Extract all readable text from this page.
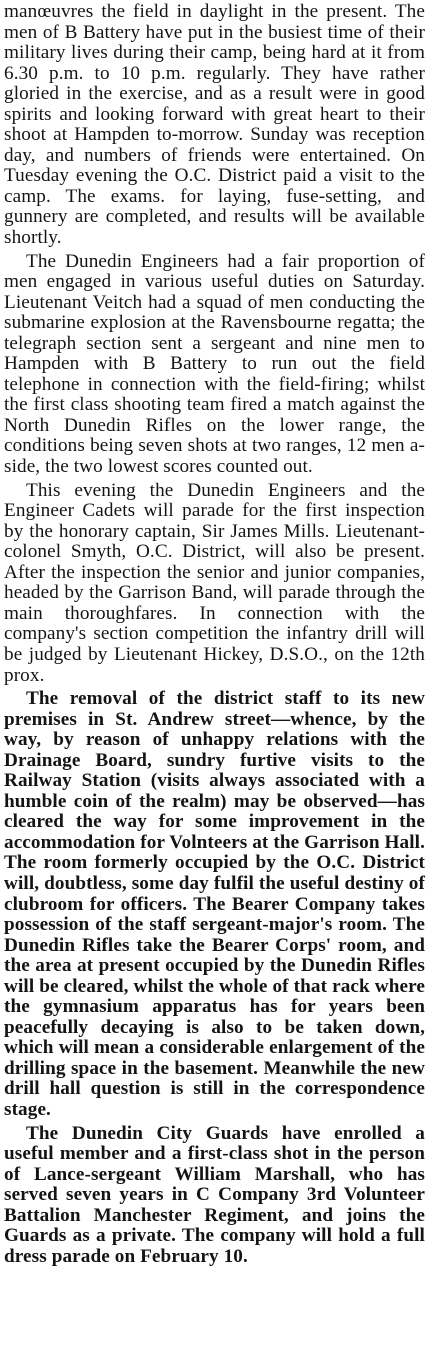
manœuvres the field in daylight in the present. The men of B Battery have put in the busiest time of their military lives during their camp, being hard at it from 6.30 p.m. to 10 p.m. regularly. They have rather gloried in the exercise, and as a result were in good spirits and looking forward with great heart to their shoot at Hampden to-morrow. Sunday was reception day, and numbers of friends were entertained. On Tuesday evening the O.C. District paid a visit to the camp. The exams. for laying, fuse-setting, and gunnery are completed, and results will be available shortly.

The Dunedin Engineers had a fair proportion of men engaged in various useful duties on Saturday. Lieutenant Veitch had a squad of men conducting the submarine explosion at the Ravensbourne regatta; the telegraph section sent a sergeant and nine men to Hampden with B Battery to run out the field telephone in connection with the field-firing; whilst the first class shooting team fired a match against the North Dunedin Rifles on the lower range, the conditions being seven shots at two ranges, 12 men a-side, the two lowest scores counted out.

This evening the Dunedin Engineers and the Engineer Cadets will parade for the first inspection by the honorary captain, Sir James Mills. Lieutenant-colonel Smyth, O.C. District, will also be present. After the inspection the senior and junior companies, headed by the Garrison Band, will parade through the main thoroughfares. In connection with the company's section competition the infantry drill will be judged by Lieutenant Hickey, D.S.O., on the 12th prox.

The removal of the district staff to its new premises in St. Andrew street—whence, by the way, by reason of unhappy relations with the Drainage Board, sundry furtive visits to the Railway Station (visits always associated with a humble coin of the realm) may be observed—has cleared the way for some improvement in the accommodation for Volnteers at the Garrison Hall. The room formerly occupied by the O.C. District will, doubtless, some day fulfil the useful destiny of clubroom for officers. The Bearer Company takes possession of the staff sergeant-major's room. The Dunedin Rifles take the Bearer Corps' room, and the area at present occupied by the Dunedin Rifles will be cleared, whilst the whole of that rack where the gymnasium apparatus has for years been peacefully decaying is also to be taken down, which will mean a considerable enlargement of the drilling space in the basement. Meanwhile the new drill hall question is still in the correspondence stage.

The Dunedin City Guards have enrolled a useful member and a first-class shot in the person of Lance-sergeant William Marshall, who has served seven years in C Company 3rd Volunteer Battalion Manchester Regiment, and joins the Guards as a private. The company will hold a full dress parade on February 10.
